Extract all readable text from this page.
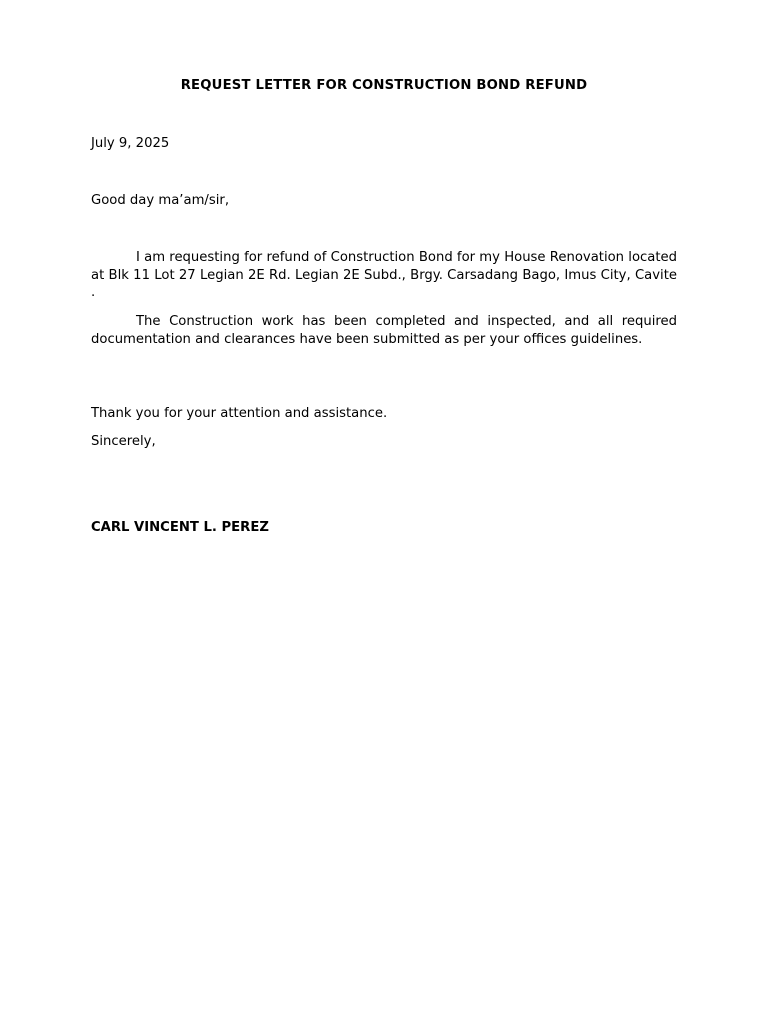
REQUEST LETTER FOR CONSTRUCTION BOND REFUND
July 9, 2025
Good day ma’am/sir,

I am requesting for refund of Construction Bond for my House Renovation located at Blk 11 Lot 27 Legian 2E Rd. Legian 2E Subd., Brgy. Carsadang Bago, Imus City, Cavite .

The Construction work has been completed and inspected, and all required documentation and clearances have been submitted as per your offices guidelines.

Thank you for your attention and assistance.
Sincerely,
CARL VINCENT L. PEREZ
